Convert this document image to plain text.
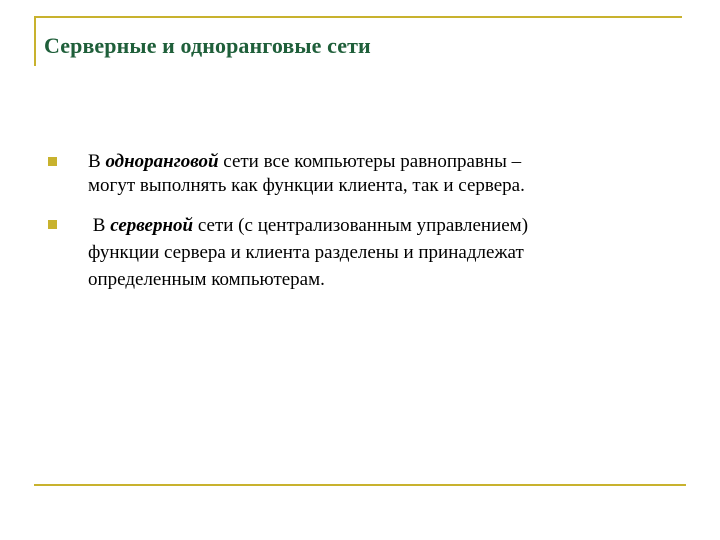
Серверные и одноранговые сети
В одноранговой сети все компьютеры равноправны –
могут выполнять как функции клиента, так и сервера.
В серверной сети (с централизованным управлением)
функции сервера и клиента разделены и принадлежат
определенным компьютерам.
